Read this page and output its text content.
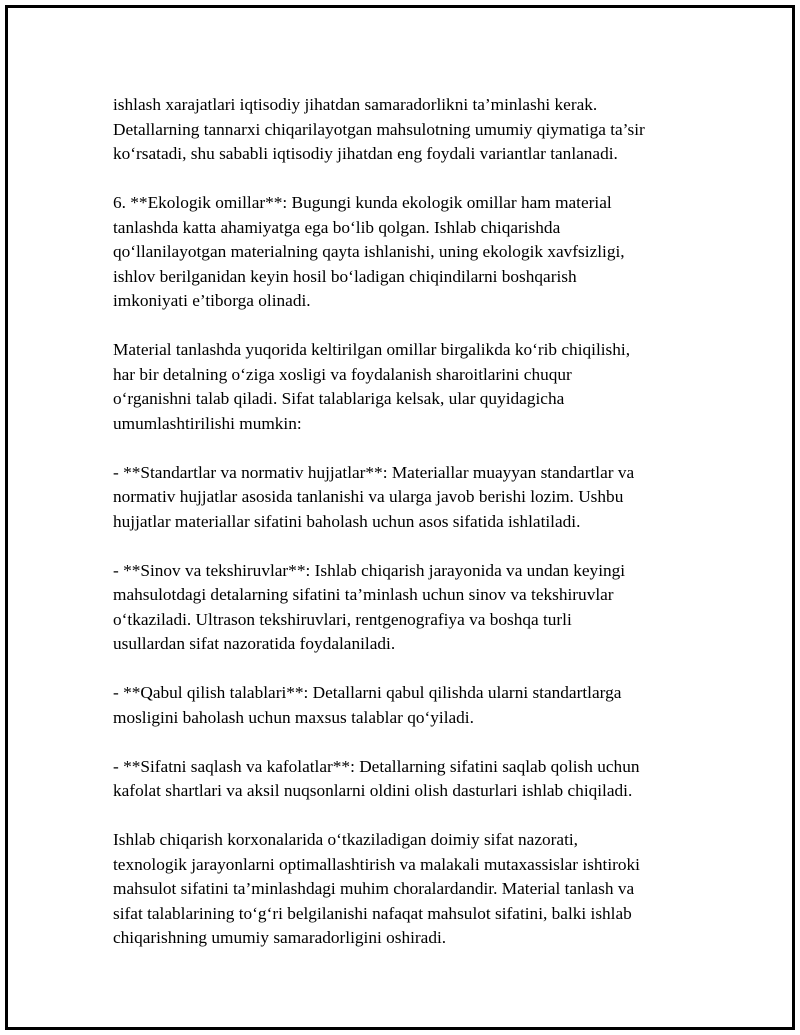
ishlash xarajatlari iqtisodiy jihatdan samaradorlikni ta’minlashi kerak.
Detallarning tannarxi chiqarilayotgan mahsulotning umumiy qiymatiga ta’sir
ko‘rsatadi, shu sababli iqtisodiy jihatdan eng foydali variantlar tanlanadi.

6. **Ekologik omillar**: Bugungi kunda ekologik omillar ham material
tanlashda katta ahamiyatga ega bo‘lib qolgan. Ishlab chiqarishda
qo‘llanilayotgan materialning qayta ishlanishi, uning ekologik xavfsizligi,
ishlov berilganidan keyin hosil bo‘ladigan chiqindilarni boshqarish
imkoniyati e’tiborga olinadi.

Material tanlashda yuqorida keltirilgan omillar birgalikda ko‘rib chiqilishi,
har bir detalning o‘ziga xosligi va foydalanish sharoitlarini chuqur
o‘rganishni talab qiladi. Sifat talablariga kelsak, ular quyidagicha
umumlashtirilishi mumkin:

- **Standartlar va normativ hujjatlar**: Materiallar muayyan standartlar va
normativ hujjatlar asosida tanlanishi va ularga javob berishi lozim. Ushbu
hujjatlar materiallar sifatini baholash uchun asos sifatida ishlatiladi.

- **Sinov va tekshiruvlar**: Ishlab chiqarish jarayonida va undan keyingi
mahsulotdagi detalarning sifatini ta’minlash uchun sinov va tekshiruvlar
o‘tkaziladi. Ultrason tekshiruvlari, rentgenografiya va boshqa turli
usullardan sifat nazoratida foydalaniladi.

- **Qabul qilish talablari**: Detallarni qabul qilishda ularni standartlarga
mosligini baholash uchun maxsus talablar qo‘yiladi.

- **Sifatni saqlash va kafolatlar**: Detallarning sifatini saqlab qolish uchun
kafolat shartlari va aksil nuqsonlarni oldini olish dasturlari ishlab chiqiladi.

Ishlab chiqarish korxonalarida o‘tkaziladigan doimiy sifat nazorati,
texnologik jarayonlarni optimallashtirish va malakali mutaxassislar ishtiroki
mahsulot sifatini ta’minlashdagi muhim choralardandir. Material tanlash va
sifat talablarining to‘g‘ri belgilanishi nafaqat mahsulot sifatini, balki ishlab
chiqarishning umumiy samaradorligini oshiradi.
